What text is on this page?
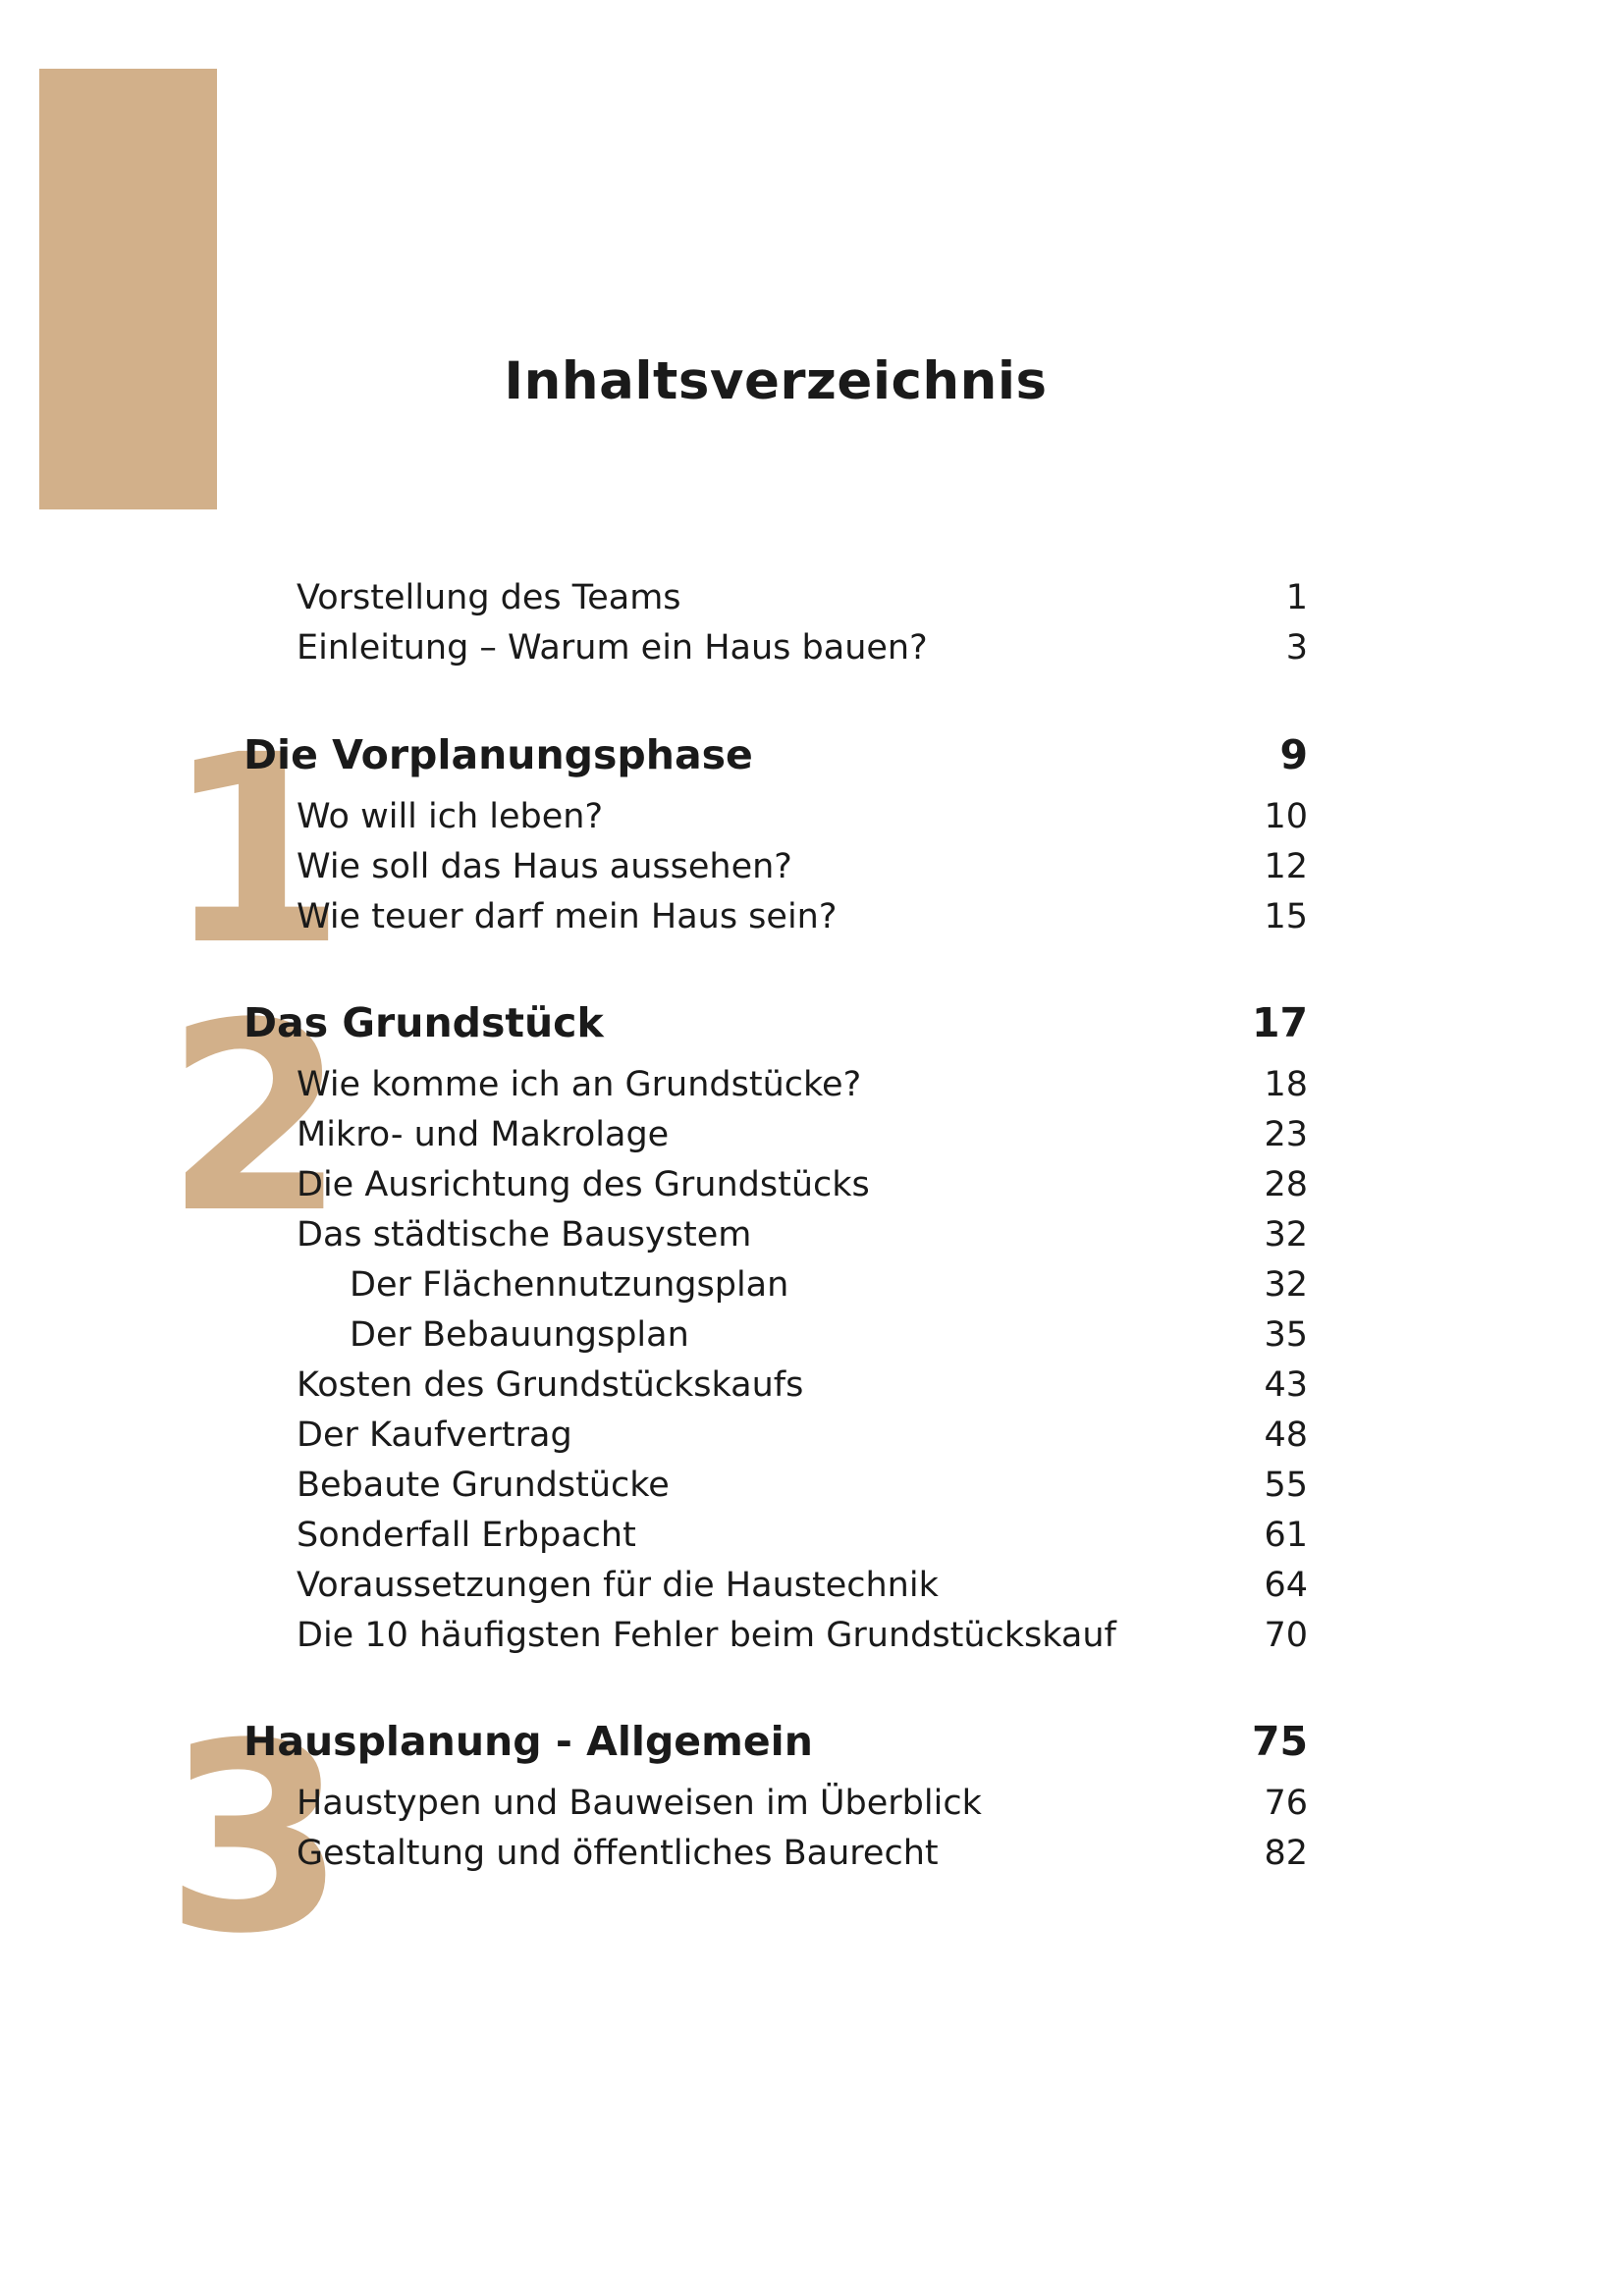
Inhaltsverzeichnis
Vorstellung des Teams	1
Einleitung – Warum ein Haus bauen?	3
1
Die Vorplanungsphase	9
Wo will ich leben?	10
Wie soll das Haus aussehen?	12
Wie teuer darf mein Haus sein?	15
2
Das Grundstück	17
Wie komme ich an Grundstücke?	18
Mikro- und Makrolage	23
Die Ausrichtung des Grundstücks	28
Das städtische Bausystem	32
Der Flächennutzungsplan	32
Der Bebauungsplan	35
Kosten des Grundstückskaufs	43
Der Kaufvertrag	48
Bebaute Grundstücke	55
Sonderfall Erbpacht	61
Voraussetzungen für die Haustechnik	64
Die 10 häufigsten Fehler beim Grundstückskauf	70
3
Hausplanung - Allgemein	75
Haustypen und Bauweisen im Überblick	76
Gestaltung und öffentliches Baurecht	82
